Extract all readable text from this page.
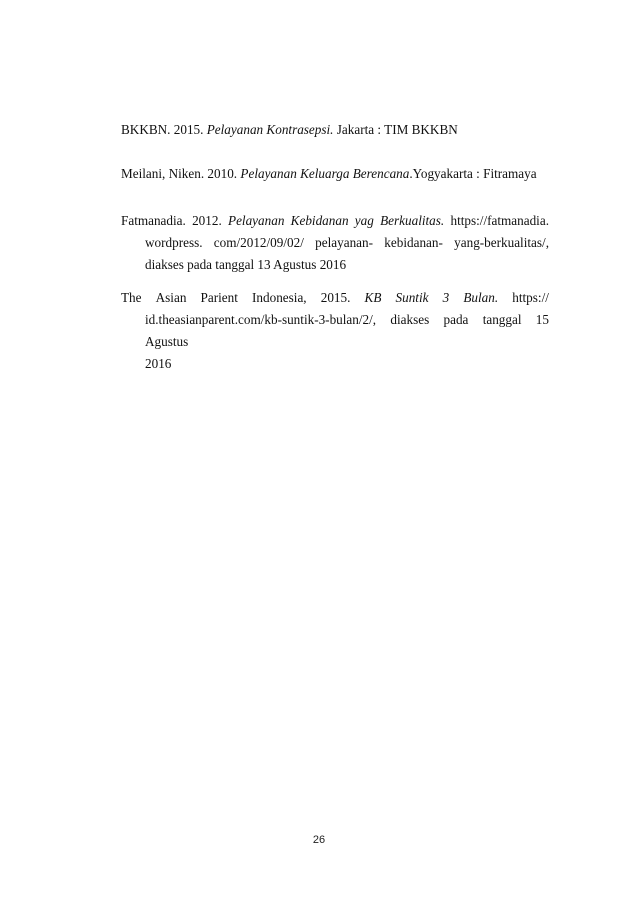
BKKBN. 2015. Pelayanan Kontrasepsi. Jakarta : TIM BKKBN

Meilani, Niken. 2010. Pelayanan Keluarga Berencana.Yogyakarta : Fitramaya

Fatmanadia. 2012. Pelayanan Kebidanan yag Berkualitas. https://fatmanadia. wordpress. com/2012/09/02/ pelayanan- kebidanan- yang-berkualitas/, diakses pada tanggal 13 Agustus 2016

The Asian Parient Indonesia, 2015. KB Suntik 3 Bulan. https://
id.theasianparent.com/kb-suntik-3-bulan/2/, diakses pada tanggal 15 Agustus
2016
26
